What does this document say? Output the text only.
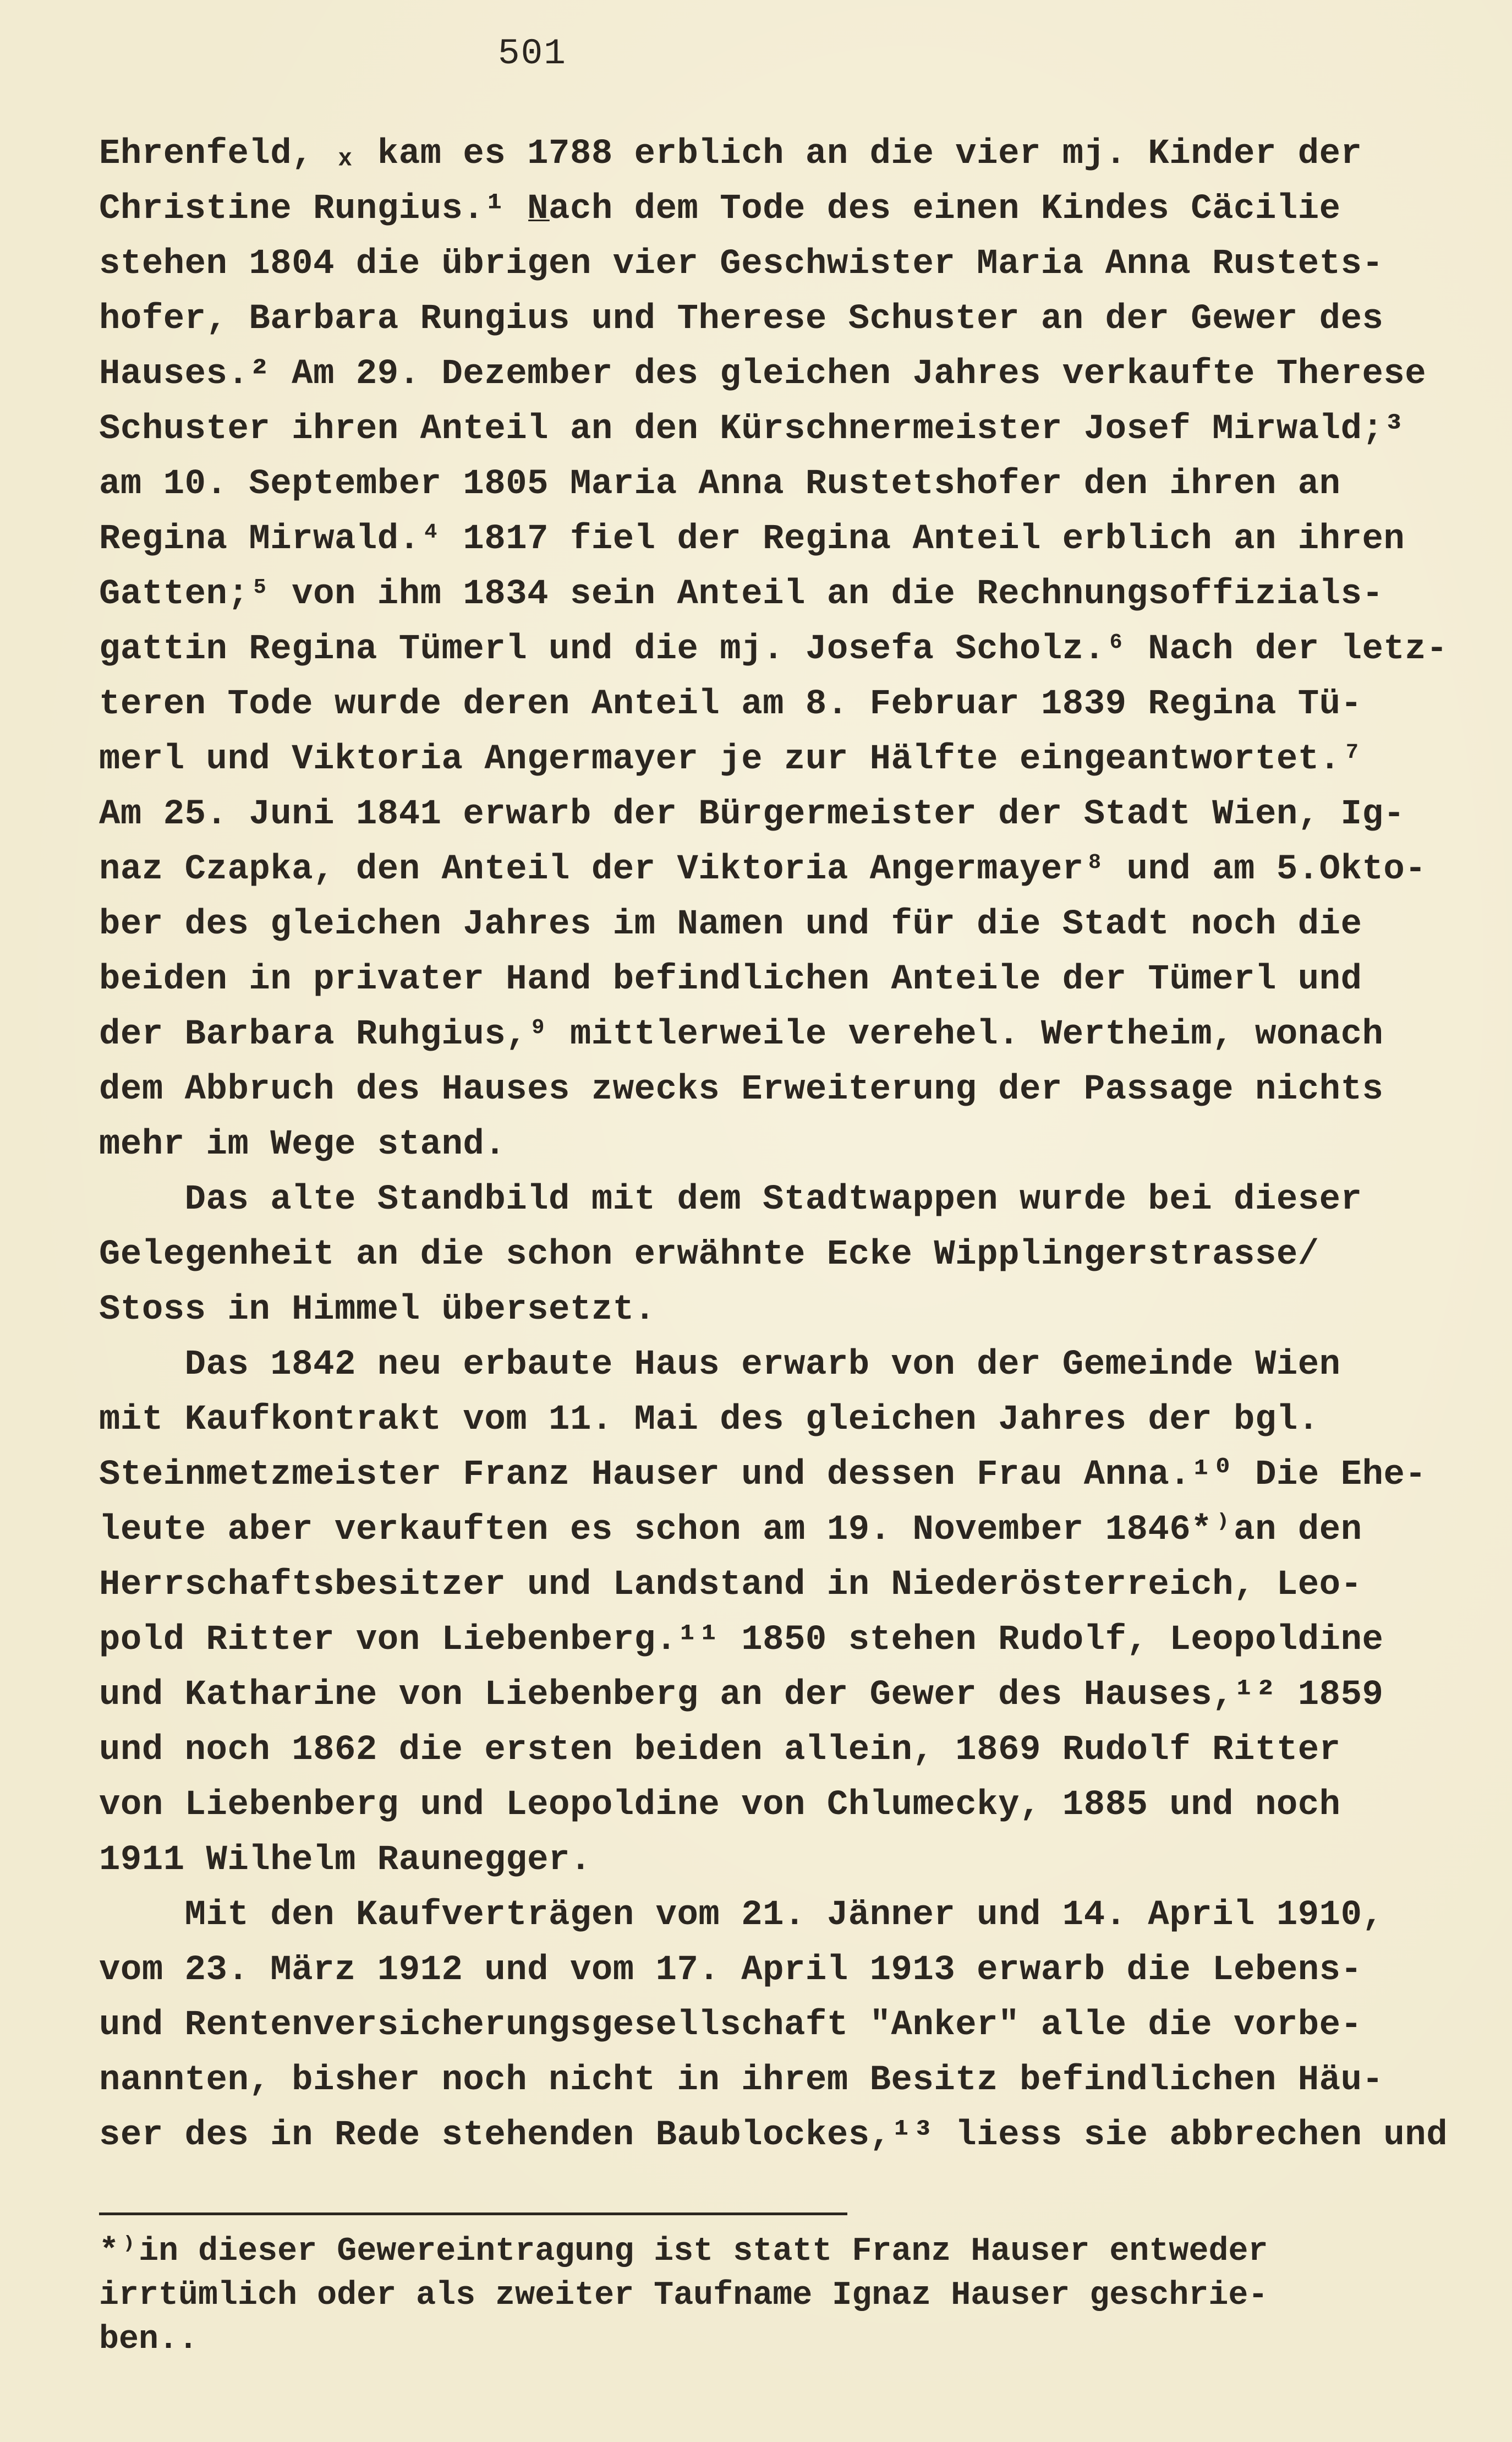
501
Ehrenfeld, ₓ kam es 1788 erblich an die vier mj. Kinder der
Christine Rungius.¹ N̲ach dem Tode des einen Kindes Cäcilie
stehen 1804 die übrigen vier Geschwister Maria Anna Rustets-
hofer, Barbara Rungius und Therese Schuster an der Gewer des
Hauses.² Am 29. Dezember des gleichen Jahres verkaufte Therese
Schuster ihren Anteil an den Kürschnermeister Josef Mirwald;³
am 10. September 1805 Maria Anna Rustetshofer den ihren an
Regina Mirwald.⁴ 1817 fiel der Regina Anteil erblich an ihren
Gatten;⁵ von ihm 1834 sein Anteil an die Rechnungsoffizials-
gattin Regina Tümerl und die mj. Josefa Scholz.⁶ Nach der letz-
teren Tode wurde deren Anteil am 8. Februar 1839 Regina Tü-
merl und Viktoria Angermayer je zur Hälfte eingeantwortet.⁷
Am 25. Juni 1841 erwarb der Bürgermeister der Stadt Wien, Ig-
naz Czapka, den Anteil der Viktoria Angermayer⁸ und am 5.Okto-
ber des gleichen Jahres im Namen und für die Stadt noch die
beiden in privater Hand befindlichen Anteile der Tümerl und
der Barbara Ruhgius,⁹ mittlerweile verehel. Wertheim, wonach
dem Abbruch des Hauses zwecks Erweiterung der Passage nichts
mehr im Wege stand.
Das alte Standbild mit dem Stadtwappen wurde bei dieser
Gelegenheit an die schon erwähnte Ecke Wipplingerstrasse/
Stoss in Himmel übersetzt.
Das 1842 neu erbaute Haus erwarb von der Gemeinde Wien
mit Kaufkontrakt vom 11. Mai des gleichen Jahres der bgl.
Steinmetzmeister Franz Hauser und dessen Frau Anna.¹⁰ Die Ehe-
leute aber verkauften es schon am 19. November 1846*⁾an den
Herrschaftsbesitzer und Landstand in Niederösterreich, Leo-
pold Ritter von Liebenberg.¹¹ 1850 stehen Rudolf, Leopoldine
und Katharine von Liebenberg an der Gewer des Hauses,¹² 1859
und noch 1862 die ersten beiden allein, 1869 Rudolf Ritter
von Liebenberg und Leopoldine von Chlumecky, 1885 und noch
1911 Wilhelm Raunegger.
Mit den Kaufverträgen vom 21. Jänner und 14. April 1910,
vom 23. März 1912 und vom 17. April 1913 erwarb die Lebens-
und Rentenversicherungsgesellschaft "Anker" alle die vorbe-
nannten, bisher noch nicht in ihrem Besitz befindlichen Häu-
ser des in Rede stehenden Baublockes,¹³ liess sie abbrechen und
*⁾in dieser Gewereintragung ist statt Franz Hauser entweder
irrtümlich oder als zweiter Taufname Ignaz Hauser geschrie-
ben..
